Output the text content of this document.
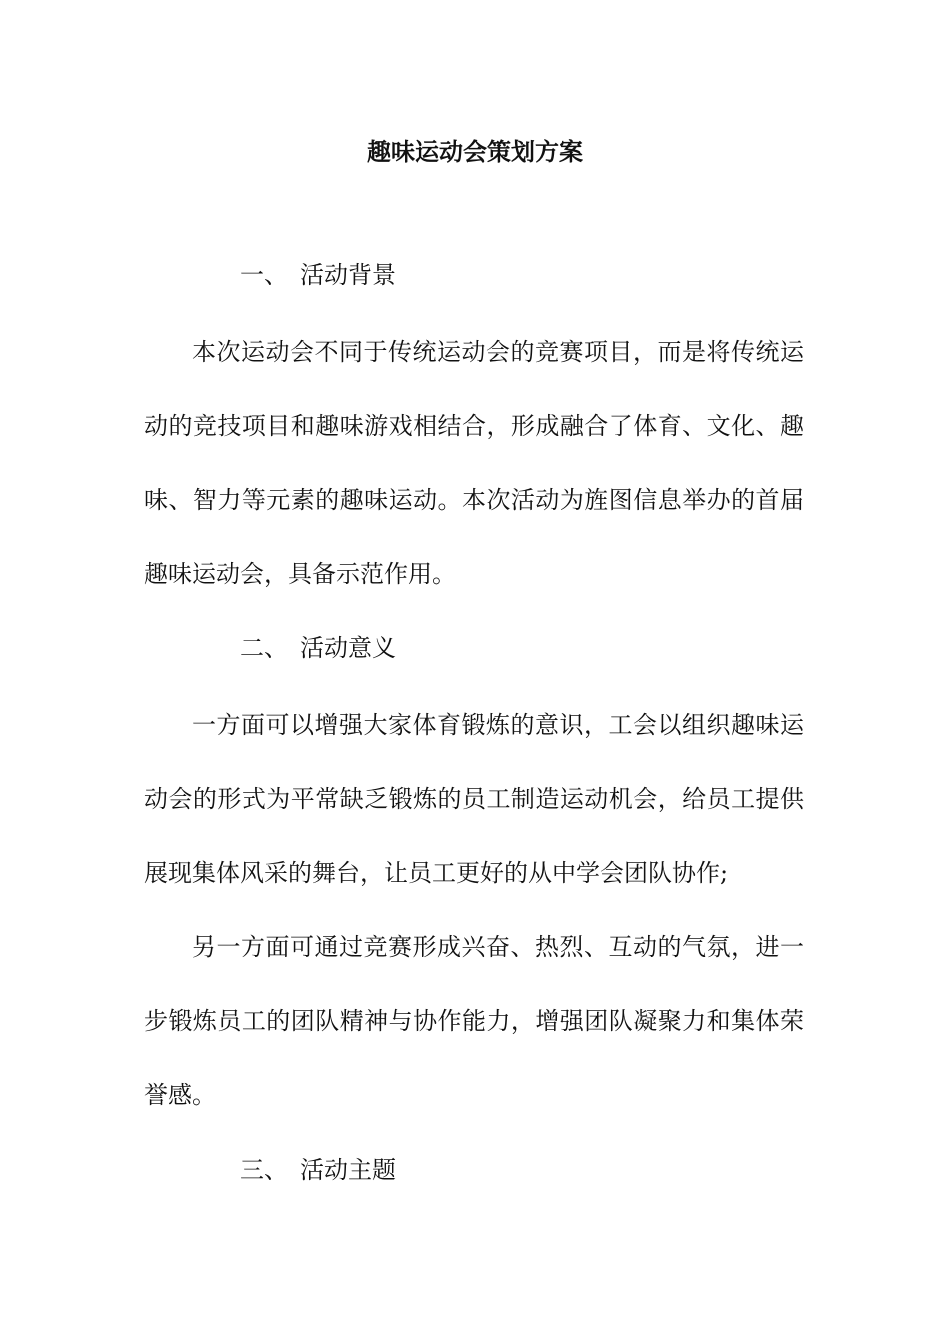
趣味运动会策划方案
一、 活动背景
本次运动会不同于传统运动会的竞赛项目，而是将传统运动的竞技项目和趣味游戏相结合，形成融合了体育、文化、趣味、智力等元素的趣味运动。本次活动为旌图信息举办的首届趣味运动会，具备示范作用。
二、 活动意义
一方面可以增强大家体育锻炼的意识，工会以组织趣味运动会的形式为平常缺乏锻炼的员工制造运动机会，给员工提供展现集体风采的舞台，让员工更好的从中学会团队协作;
另一方面可通过竞赛形成兴奋、热烈、互动的气氛，进一步锻炼员工的团队精神与协作能力，增强团队凝聚力和集体荣誉感。
三、 活动主题
